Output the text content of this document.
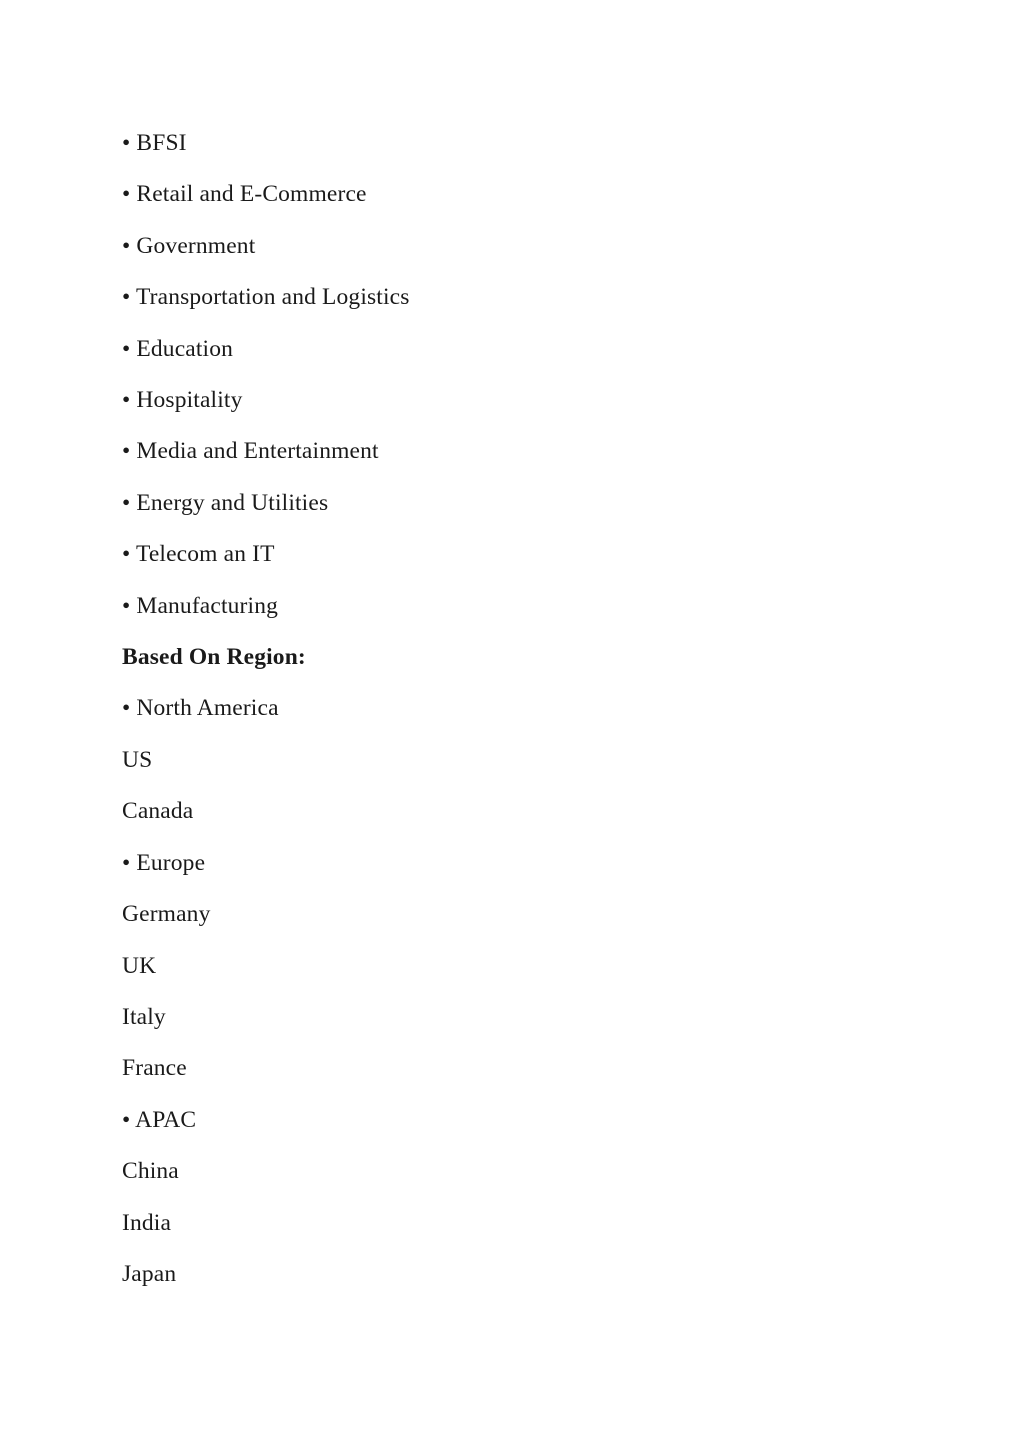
• BFSI
• Retail and E-Commerce
• Government
• Transportation and Logistics
• Education
• Hospitality
• Media and Entertainment
• Energy and Utilities
• Telecom an IT
• Manufacturing
Based On Region:
• North America
US
Canada
• Europe
Germany
UK
Italy
France
• APAC
China
India
Japan
